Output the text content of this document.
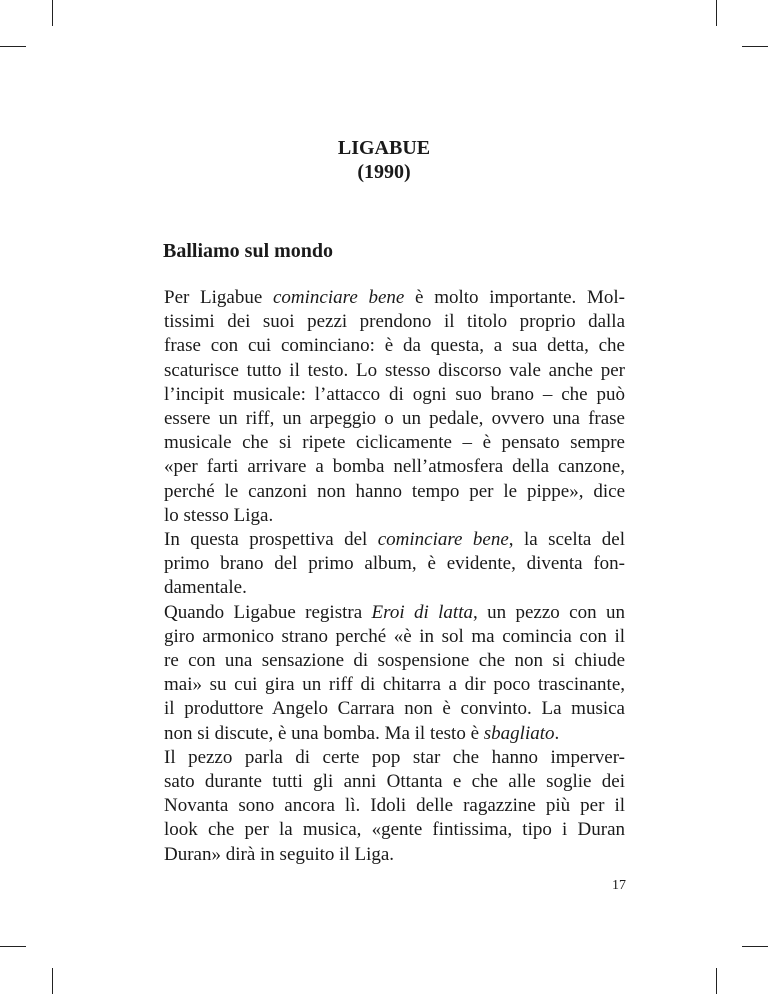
LIGABUE
(1990)
Balliamo sul mondo

Per Ligabue cominciare bene è molto importante. Mol-
tissimi dei suoi pezzi prendono il titolo proprio dalla
frase con cui cominciano: è da questa, a sua detta, che
scaturisce tutto il testo. Lo stesso discorso vale anche per
l’incipit musicale: l’attacco di ogni suo brano – che può
essere un riff, un arpeggio o un pedale, ovvero una frase
musicale che si ripete ciclicamente – è pensato sempre
«per farti arrivare a bomba nell’atmosfera della canzone,
perché le canzoni non hanno tempo per le pippe», dice
lo stesso Liga.

In questa prospettiva del cominciare bene, la scelta del
primo brano del primo album, è evidente, diventa fon-
damentale.

Quando Ligabue registra Eroi di latta, un pezzo con un
giro armonico strano perché «è in sol ma comincia con il
re con una sensazione di sospensione che non si chiude
mai» su cui gira un riff di chitarra a dir poco trascinante,
il produttore Angelo Carrara non è convinto. La musica
non si discute, è una bomba. Ma il testo è sbagliato.

Il pezzo parla di certe pop star che hanno imperver-
sato durante tutti gli anni Ottanta e che alle soglie dei
Novanta sono ancora lì. Idoli delle ragazzine più per il
look che per la musica, «gente fintissima, tipo i Duran
Duran» dirà in seguito il Liga.

17
